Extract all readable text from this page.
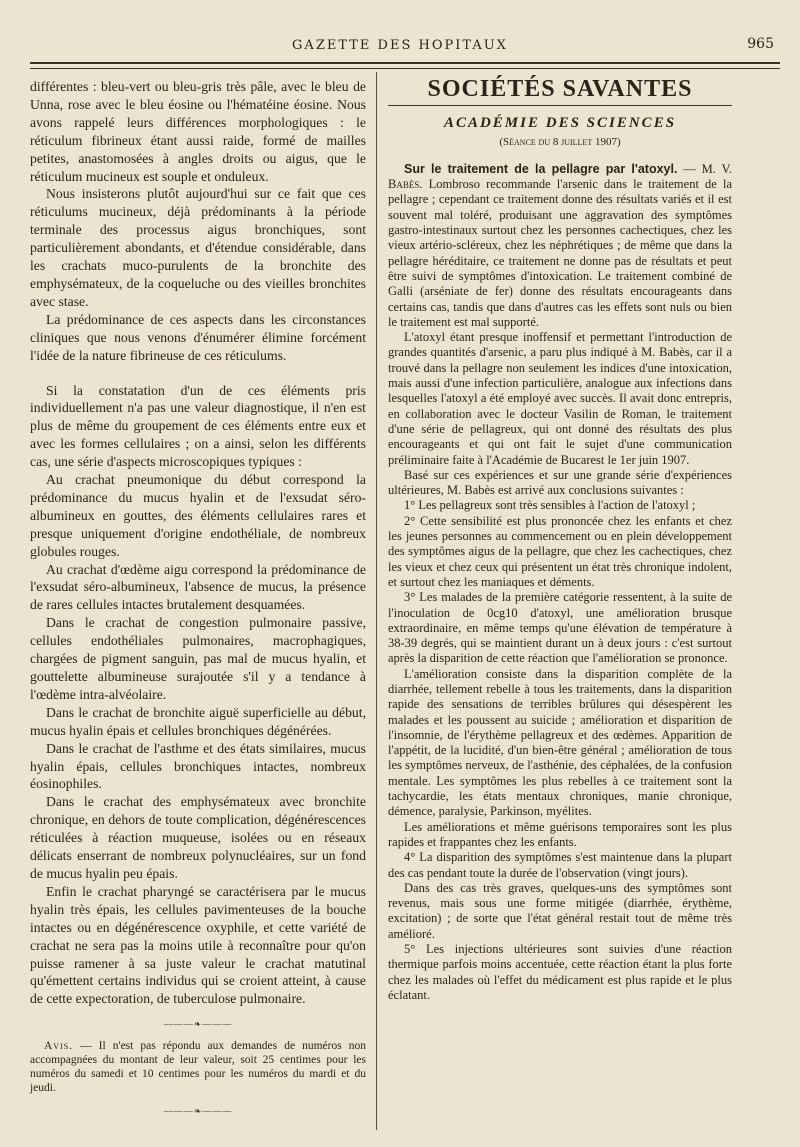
GAZETTE DES HOPITAUX	965

différentes : bleu-vert ou bleu-gris très pâle, avec le bleu de Unna, rose avec le bleu éosine ou l'hématéine éosine. Nous avons rappelé leurs différences morphologiques : le réticulum fibrineux étant aussi raide, formé de mailles petites, anastomosées à angles droits ou aigus, que le réticulum mucineux est souple et onduleux.

Nous insisterons plutôt aujourd'hui sur ce fait que ces réticulums mucineux, déjà prédominants à la période terminale des processus aigus bronchiques, sont particulièrement abondants, et d'étendue considérable, dans les crachats muco-purulents de la bronchite des emphysémateux, de la coqueluche ou des vieilles bronchites avec stase.

La prédominance de ces aspects dans les circonstances cliniques que nous venons d'énumérer élimine forcément l'idée de la nature fibrineuse de ces réticulums.

Si la constatation d'un de ces éléments pris individuellement n'a pas une valeur diagnostique, il n'en est plus de même du groupement de ces éléments entre eux et avec les formes cellulaires ; on a ainsi, selon les différents cas, une série d'aspects microscopiques typiques :

Au crachat pneumonique du début correspond la prédominance du mucus hyalin et de l'exsudat séro-albumineux en gouttes, des éléments cellulaires rares et presque uniquement d'origine endothéliale, de nombreux globules rouges.

Au crachat d'œdème aigu correspond la prédominance de l'exsudat séro-albumineux, l'absence de mucus, la présence de rares cellules intactes brutalement desquamées.

Dans le crachat de congestion pulmonaire passive, cellules endothéliales pulmonaires, macrophagiques, chargées de pigment sanguin, pas mal de mucus hyalin, et gouttelette albumineuse surajoutée s'il y a tendance à l'œdème intra-alvéolaire.

Dans le crachat de bronchite aiguë superficielle au début, mucus hyalin épais et cellules bronchiques dégénérées.

Dans le crachat de l'asthme et des états similaires, mucus hyalin épais, cellules bronchiques intactes, nombreux éosinophiles.

Dans le crachat des emphysémateux avec bronchite chronique, en dehors de toute complication, dégénérescences réticulées à réaction muqueuse, isolées ou en réseaux délicats enserrant de nombreux polynucléaires, sur un fond de mucus hyalin peu épais.

Enfin le crachat pharyngé se caractérisera par le mucus hyalin très épais, les cellules pavimenteuses de la bouche intactes ou en dégénérescence oxyphile, et cette variété de crachat ne sera pas la moins utile à reconnaître pour qu'on puisse ramener à sa juste valeur le crachat matutinal qu'émettent certains individus qui se croient atteint, à cause de cette expectoration, de tuberculose pulmonaire.

———❧———

Avis. — Il n'est pas répondu aux demandes de numéros non accompagnées du montant de leur valeur, soit 25 centimes pour les numéros du samedi et 10 centimes pour les numéros du mardi et du jeudi.

———❧———
SOCIÉTÉS SAVANTES
ACADÉMIE DES SCIENCES
(Séance du 8 juillet 1907)

Sur le traitement de la pellagre par l'atoxyl. — M. V. Babès. Lombroso recommande l'arsenic dans le traitement de la pellagre ; cependant ce traitement donne des résultats variés et il est souvent mal toléré, produisant une aggravation des symptômes gastro-intestinaux surtout chez les personnes cachectiques, chez les vieux artério-scléreux, chez les néphrétiques ; de même que dans la pellagre héréditaire, ce traitement ne donne pas de résultats et peut être suivi de symptômes d'intoxication. Le traitement combiné de Galli (arséniate de fer) donne des résultats encourageants dans certains cas, tandis que dans d'autres cas les effets sont nuls ou bien le traitement est mal supporté.

L'atoxyl étant presque inoffensif et permettant l'introduction de grandes quantités d'arsenic, a paru plus indiqué à M. Babès, car il a trouvé dans la pellagre non seulement les indices d'une intoxication, mais aussi d'une infection particulière, analogue aux infections dans lesquelles l'atoxyl a été employé avec succès. Il avait donc entrepris, en collaboration avec le docteur Vasilin de Roman, le traitement d'une série de pellagreux, qui ont donné des résultats des plus encourageants et qui ont fait le sujet d'une communication préliminaire faite à l'Académie de Bucarest le 1er juin 1907.

Basé sur ces expériences et sur une grande série d'expériences ultérieures, M. Babès est arrivé aux conclusions suivantes :

1° Les pellagreux sont très sensibles à l'action de l'atoxyl ;

2° Cette sensibilité est plus prononcée chez les enfants et chez les jeunes personnes au commencement ou en plein développement des symptômes aigus de la pellagre, que chez les cachectiques, chez les vieux et chez ceux qui présentent un état très chronique indolent, et surtout chez les maniaques et déments.

3° Les malades de la première catégorie ressentent, à la suite de l'inoculation de 0cg10 d'atoxyl, une amélioration brusque extraordinaire, en même temps qu'une élévation de température à 38-39 degrés, qui se maintient durant un à deux jours : c'est surtout après la disparition de cette réaction que l'amélioration se prononce.

L'amélioration consiste dans la disparition complète de la diarrhée, tellement rebelle à tous les traitements, dans la disparition rapide des sensations de terribles brûlures qui désespèrent les malades et les poussent au suicide ; amélioration et disparition de l'insomnie, de l'érythème pellagreux et des œdèmes. Apparition de l'appétit, de la lucidité, d'un bien-être général ; amélioration de tous les symptômes nerveux, de l'asthénie, des céphalées, de la confusion mentale. Les symptômes les plus rebelles à ce traitement sont la tachycardie, les états mentaux chroniques, manie chronique, démence, paralysie, Parkinson, myélites.

Les améliorations et même guérisons temporaires sont les plus rapides et frappantes chez les enfants.

4° La disparition des symptômes s'est maintenue dans la plupart des cas pendant toute la durée de l'observation (vingt jours).

Dans des cas très graves, quelques-uns des symptômes sont revenus, mais sous une forme mitigée (diarrhée, érythème, excitation) ; de sorte que l'état général restait tout de même très amélioré.

5° Les injections ultérieures sont suivies d'une réaction thermique parfois moins accentuée, cette réaction étant la plus forte chez les malades où l'effet du médicament est plus rapide et le plus éclatant.
